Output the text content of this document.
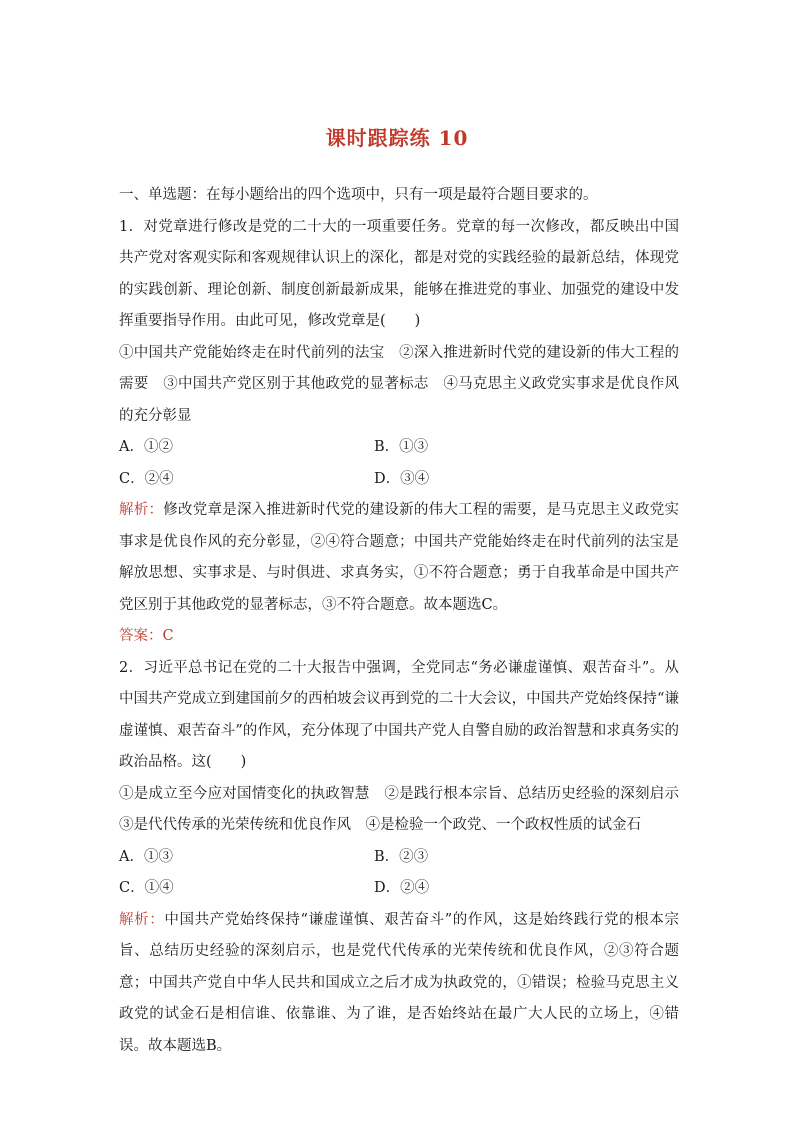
课时跟踪练 10

一、单选题：在每小题给出的四个选项中，只有一项是最符合题目要求的。

1．对党章进行修改是党的二十大的一项重要任务。党章的每一次修改，都反映出中国共产党对客观实际和客观规律认识上的深化，都是对党的实践经验的最新总结，体现党的实践创新、理论创新、制度创新最新成果，能够在推进党的事业、加强党的建设中发挥重要指导作用。由此可见，修改党章是(　　)

①中国共产党能始终走在时代前列的法宝　②深入推进新时代党的建设新的伟大工程的需要　③中国共产党区别于其他政党的显著标志　④马克思主义政党实事求是优良作风的充分彰显

A．①②	B．①③
C．②④	D．③④

解析：修改党章是深入推进新时代党的建设新的伟大工程的需要，是马克思主义政党实事求是优良作风的充分彰显，②④符合题意；中国共产党能始终走在时代前列的法宝是解放思想、实事求是、与时俱进、求真务实，①不符合题意；勇于自我革命是中国共产党区别于其他政党的显著标志，③不符合题意。故本题选C。

答案：C

2．习近平总书记在党的二十大报告中强调，全党同志“务必谦虚谨慎、艰苦奋斗”。从中国共产党成立到建国前夕的西柏坡会议再到党的二十大会议，中国共产党始终保持“谦虚谨慎、艰苦奋斗”的作风，充分体现了中国共产党人自警自励的政治智慧和求真务实的政治品格。这(　　)

①是成立至今应对国情变化的执政智慧　②是践行根本宗旨、总结历史经验的深刻启示　③是代代传承的光荣传统和优良作风　④是检验一个政党、一个政权性质的试金石

A．①③	B．②③
C．①④	D．②④

解析：中国共产党始终保持“谦虚谨慎、艰苦奋斗”的作风，这是始终践行党的根本宗旨、总结历史经验的深刻启示，也是党代代传承的光荣传统和优良作风，②③符合题意；中国共产党自中华人民共和国成立之后才成为执政党的，①错误；检验马克思主义政党的试金石是相信谁、依靠谁、为了谁，是否始终站在最广大人民的立场上，④错误。故本题选B。
